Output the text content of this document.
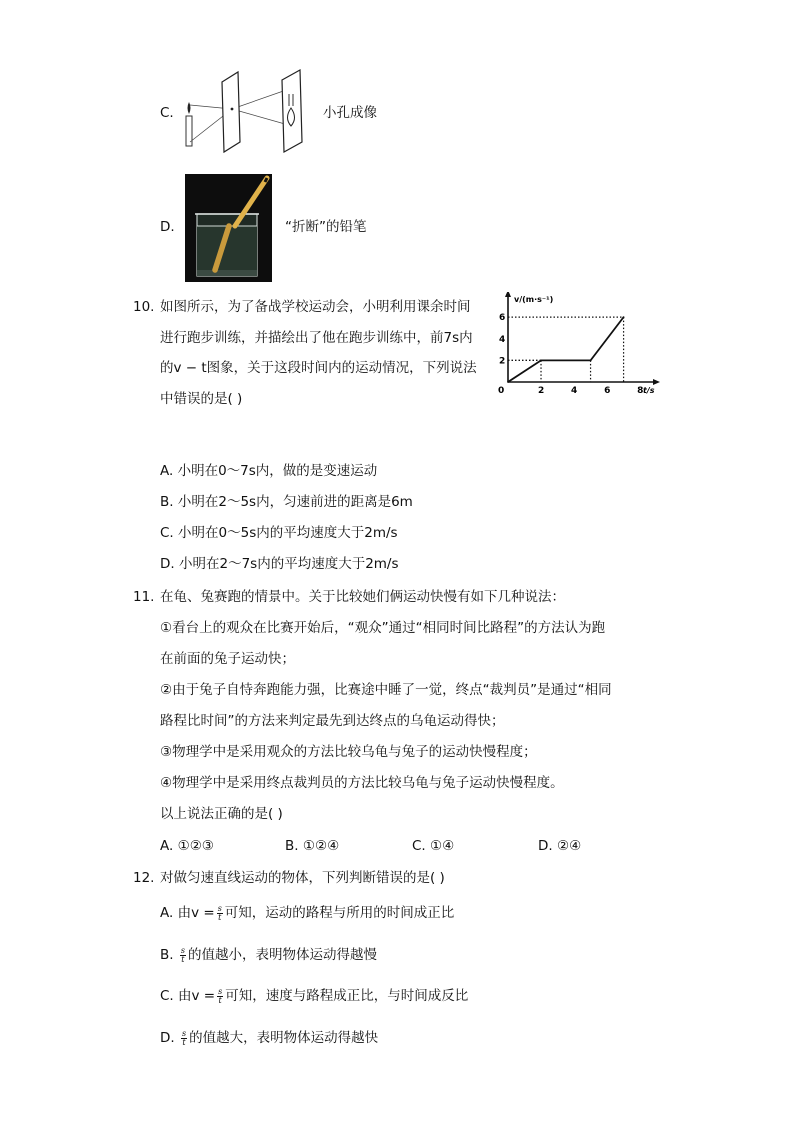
C.	小孔成像
D.	“折断”的铅笔
10. 如图所示，为了备战学校运动会，小明利用课余时间
进行跑步训练，并描绘出了他在跑步训练中，前7s内
的v − t图象，关于这段时间内的运动情况，下列说法
中错误的是( )	0	2	4	6	8
2
4
6
v/(m·s⁻¹)
t/s
A. 小明在0～7s内，做的是变速运动
B. 小明在2～5s内，匀速前进的距离是6m
C. 小明在0～5s内的平均速度大于2m/s
D. 小明在2～7s内的平均速度大于2m/s
11. 在龟、兔赛跑的情景中。关于比较她们俩运动快慢有如下几种说法：
①看台上的观众在比赛开始后，“观众”通过“相同时间比路程”的方法认为跑
在前面的兔子运动快；
②由于兔子自恃奔跑能力强，比赛途中睡了一觉，终点“裁判员”是通过“相同
路程比时间”的方法来判定最先到达终点的乌龟运动得快；
③物理学中是采用观众的方法比较乌龟与兔子的运动快慢程度；
④物理学中是采用终点裁判员的方法比较乌龟与兔子运动快慢程度。
以上说法正确的是( )
A. ①②③	B. ①②④	C. ①④	D. ②④
12. 对做匀速直线运动的物体，下列判断错误的是( )
A. 由$v = \frac{s}{t}$ 可知，运动的路程与所用的时间成正比
B. $\frac{s}{t}$ 的值越小，表明物体运动得越慢
C. 由$v = \frac{s}{t}$ 可知，速度与路程成正比，与时间成反比
D. $\frac{s}{t}$ 的值越大，表明物体运动得越快
